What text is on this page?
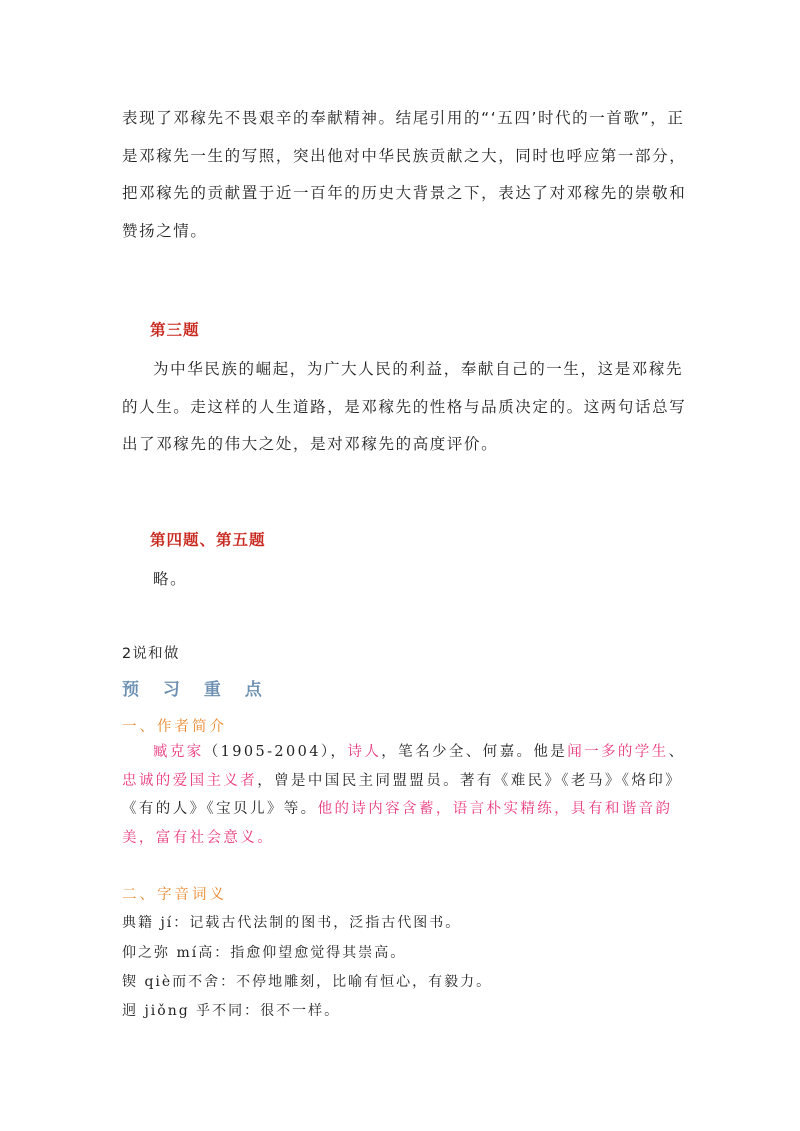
表现了邓稼先不畏艰辛的奉献精神。结尾引用的“‘五四’时代的一首歌”，正是邓稼先一生的写照，突出他对中华民族贡献之大，同时也呼应第一部分，把邓稼先的贡献置于近一百年的历史大背景之下，表达了对邓稼先的崇敬和赞扬之情。

第三题

为中华民族的崛起，为广大人民的利益，奉献自己的一生，这是邓稼先的人生。走这样的人生道路，是邓稼先的性格与品质决定的。这两句话总写出了邓稼先的伟大之处，是对邓稼先的高度评价。

第四题、第五题

略。

2说和做
预 习 重 点
一、作者简介

臧克家（1905-2004），诗人，笔名少全、何嘉。他是闻一多的学生、忠诚的爱国主义者，曾是中国民主同盟盟员。著有《难民》《老马》《烙印》《有的人》《宝贝儿》等。他的诗内容含蓄，语言朴实精练，具有和谐音韵美，富有社会意义。

二、字音词义
典籍 jí：记载古代法制的图书，泛指古代图书。
仰之弥 mí高：指愈仰望愈觉得其崇高。
锲 qiè而不舍：不停地雕刻，比喻有恒心，有毅力。
迥 jiǒng 乎不同：很不一样。
